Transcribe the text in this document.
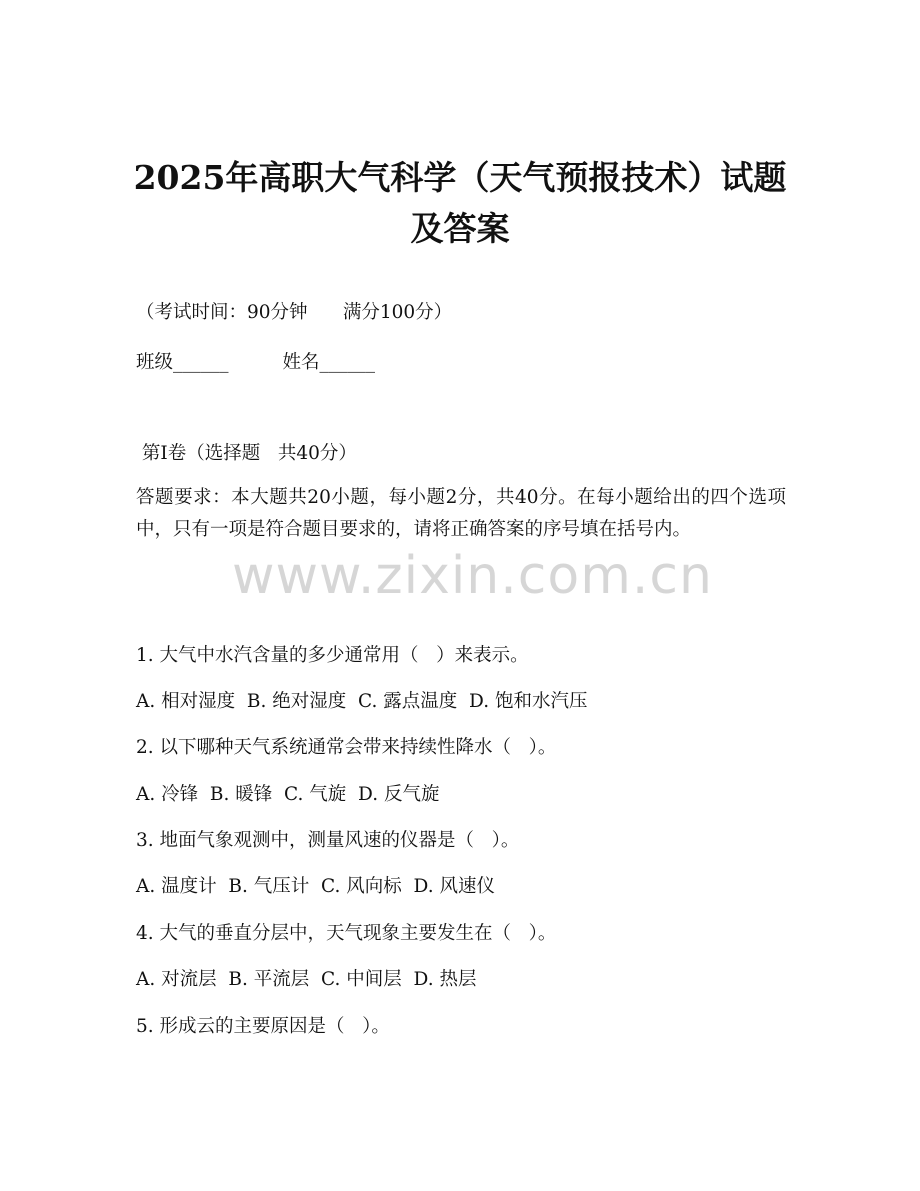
2025年高职大气科学（天气预报技术）试题
及答案

（考试时间：90分钟      满分100分）

班级______	姓名______

第I卷（选择题   共40分）

答题要求：本大题共20小题，每小题2分，共40分。在每小题给出的四个选项中，只有一项是符合题目要求的，请将正确答案的序号填在括号内。

www.zixin.com.cn

1. 大气中水汽含量的多少通常用（   ）来表示。

A. 相对湿度  B. 绝对湿度  C. 露点温度  D. 饱和水汽压

2. 以下哪种天气系统通常会带来持续性降水（   ）。

A. 冷锋  B. 暖锋  C. 气旋  D. 反气旋

3. 地面气象观测中，测量风速的仪器是（   ）。

A. 温度计  B. 气压计  C. 风向标  D. 风速仪

4. 大气的垂直分层中，天气现象主要发生在（   ）。

A. 对流层  B. 平流层  C. 中间层  D. 热层

5. 形成云的主要原因是（   ）。
